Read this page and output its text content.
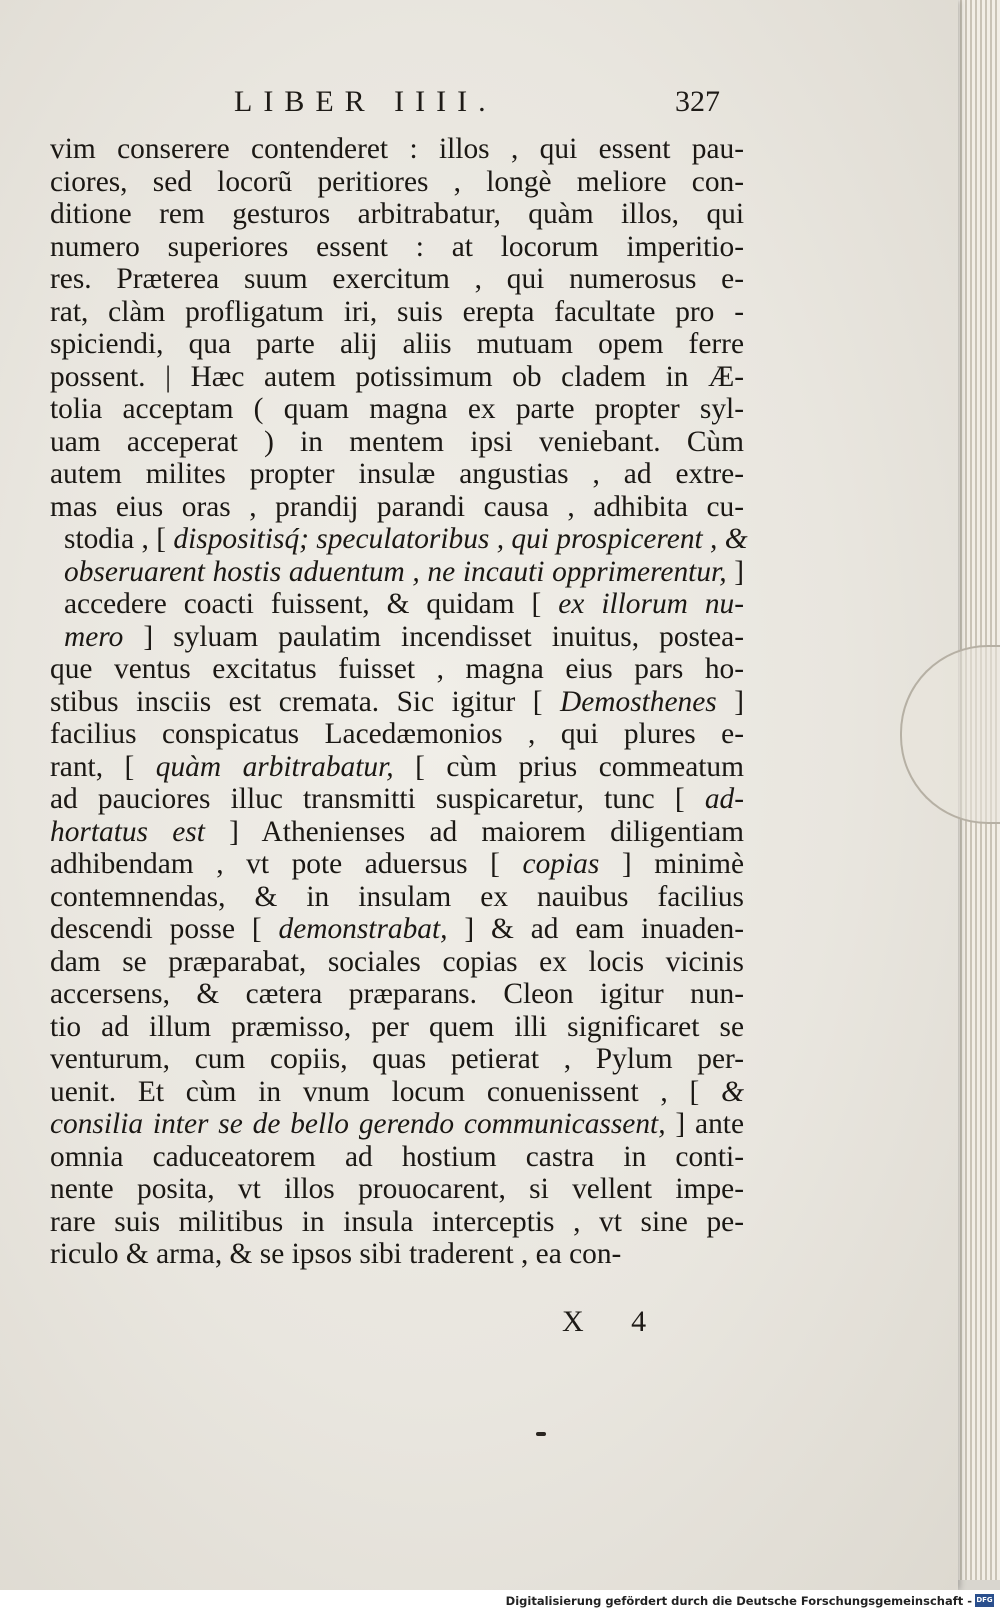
LIBER IIII.	327
vim conserere contenderet : illos , qui essent pau-
ciores, sed locorũ peritiores , longè meliore con-
ditione rem gesturos arbitrabatur, quàm illos, qui
numero superiores essent : at locorum imperitio-
res. Præterea suum exercitum , qui numerosus e-
rat, clàm profligatum iri, suis erepta facultate pro -
spiciendi, qua parte alij aliis mutuam opem ferre
possent. | Hæc autem potissimum ob cladem in Æ-
tolia acceptam ( quam magna ex parte propter syl-
uam acceperat ) in mentem ipsi veniebant. Cùm
autem milites propter insulæ angustias , ad extre-
mas eius oras , prandij parandi causa , adhibita cu-
stodia , [ dispositisq́; speculatoribus , qui prospicerent , &
obseruarent hostis aduentum , ne incauti opprimerentur, ]
accedere coacti fuissent, & quidam [ ex illorum nu-
mero ] syluam paulatim incendisset inuitus, postea-
que ventus excitatus fuisset , magna eius pars ho-
stibus insciis est cremata. Sic igitur [ Demosthenes ]
facilius conspicatus Lacedæmonios , qui plures e-
rant, [ quàm arbitrabatur, [ cùm prius commeatum
ad pauciores illuc transmitti suspicaretur, tunc [ ad-
hortatus est ] Athenienses ad maiorem diligentiam
adhibendam , vt pote aduersus [ copias ] minimè
contemnendas, & in insulam ex nauibus facilius
descendi posse [ demonstrabat, ] & ad eam inuaden-
dam se præparabat, sociales copias ex locis vicinis
accersens, & cætera præparans. Cleon igitur nun-
tio ad illum præmisso, per quem illi significaret se
venturum, cum copiis, quas petierat , Pylum per-
uenit. Et cùm in vnum locum conuenissent , [ &
consilia inter se de bello gerendo communicassent, ] ante
omnia caduceatorem ad hostium castra in conti-
nente posita, vt illos prouocarent, si vellent impe-
rare suis militibus in insula interceptis , vt sine pe-
riculo & arma, & se ipsos sibi traderent , ea con-
X 4
Digitalisierung gefördert durch die Deutsche Forschungsgemeinschaft - DFG
